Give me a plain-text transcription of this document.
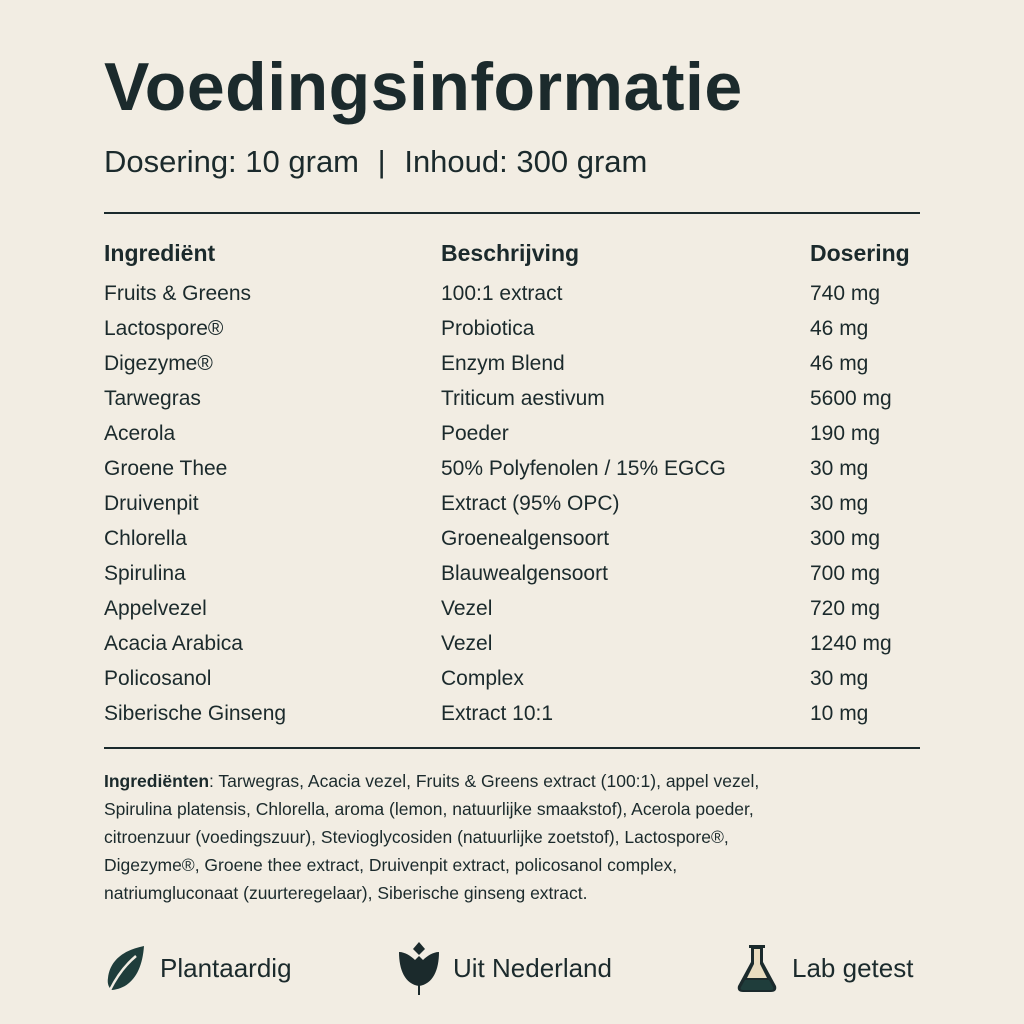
Voedingsinformatie
Dosering: 10 gram | Inhoud: 300 gram
Ingrediënt	Beschrijving	Dosering
Fruits & Greens	100:1 extract	740 mg
Lactospore®	Probiotica	46 mg
Digezyme®	Enzym Blend	46 mg
Tarwegras	Triticum aestivum	5600 mg
Acerola	Poeder	190 mg
Groene Thee	50% Polyfenolen / 15% EGCG	30 mg
Druivenpit	Extract (95% OPC)	30 mg
Chlorella	Groenealgensoort	300 mg
Spirulina	Blauwealgensoort	700 mg
Appelvezel	Vezel	720 mg
Acacia Arabica	Vezel	1240 mg
Policosanol	Complex	30 mg
Siberische Ginseng	Extract 10:1	10 mg
Ingrediënten: Tarwegras, Acacia vezel, Fruits & Greens extract (100:1), appel vezel,
Spirulina platensis, Chlorella, aroma (lemon, natuurlijke smaakstof), Acerola poeder,
citroenzuur (voedingszuur), Stevioglycosiden (natuurlijke zoetstof), Lactospore®,
Digezyme®, Groene thee extract, Druivenpit extract, policosanol complex,
natriumgluconaat (zuurteregelaar), Siberische ginseng extract.
Plantaardig	Uit Nederland	Lab getest
